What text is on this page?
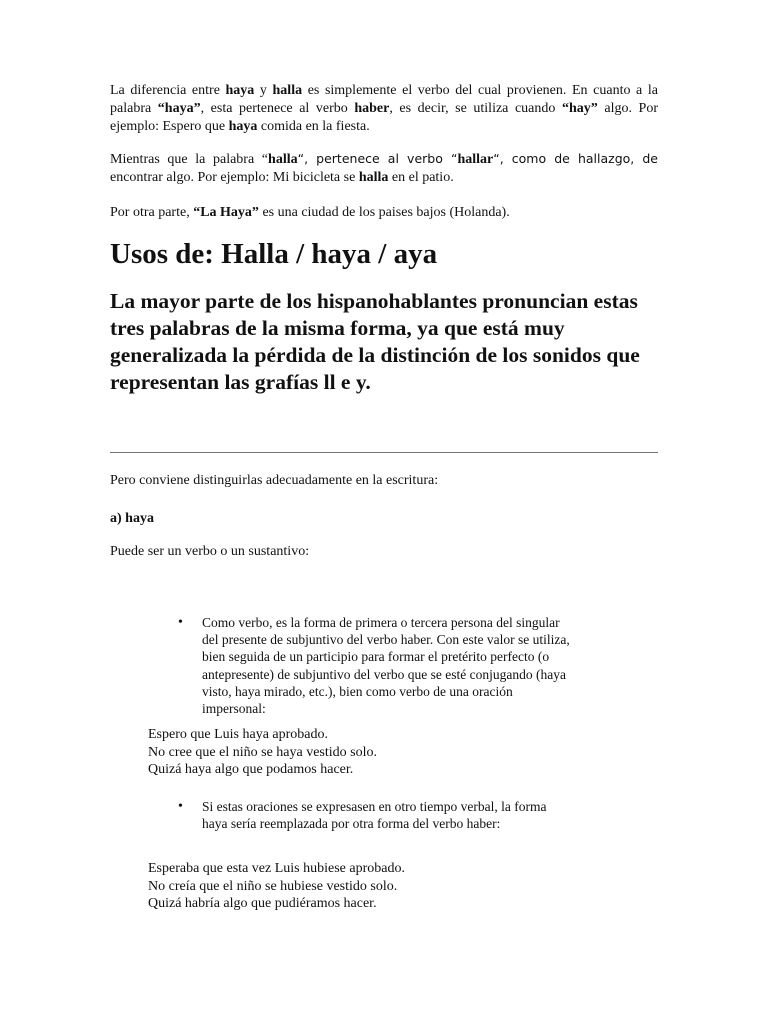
La diferencia entre haya y halla es simplemente el verbo del cual provienen. En cuanto a la palabra “haya”, esta pertenece al verbo haber, es decir, se utiliza cuando “hay” algo. Por ejemplo: Espero que haya comida en la fiesta.

Mientras que la palabra “halla“, pertenece al verbo “hallar“, como de hallazgo, de encontrar algo. Por ejemplo: Mi bicicleta se halla en el patio.

Por otra parte, “La Haya” es una ciudad de los paises bajos (Holanda).

Usos de: Halla / haya / aya
La mayor parte de los hispanohablantes pronuncian estas tres palabras de la misma forma, ya que está muy generalizada la pérdida de la distinción de los sonidos que representan las grafías ll e y.

Pero conviene distinguirlas adecuadamente en la escritura:

a) haya

Puede ser un verbo o un sustantivo:

• Como verbo, es la forma de primera o tercera persona del singular del presente de subjuntivo del verbo haber. Con este valor se utiliza, bien seguida de un participio para formar el pretérito perfecto (o antepresente) de subjuntivo del verbo que se esté conjugando (haya visto, haya mirado, etc.), bien como verbo de una oración impersonal:

Espero que Luis haya aprobado.

No cree que el niño se haya vestido solo.

Quizá haya algo que podamos hacer.

• Si estas oraciones se expresasen en otro tiempo verbal, la forma haya sería reemplazada por otra forma del verbo haber:

Esperaba que esta vez Luis hubiese aprobado.

No creía que el niño se hubiese vestido solo.

Quizá habría algo que pudiéramos hacer.
